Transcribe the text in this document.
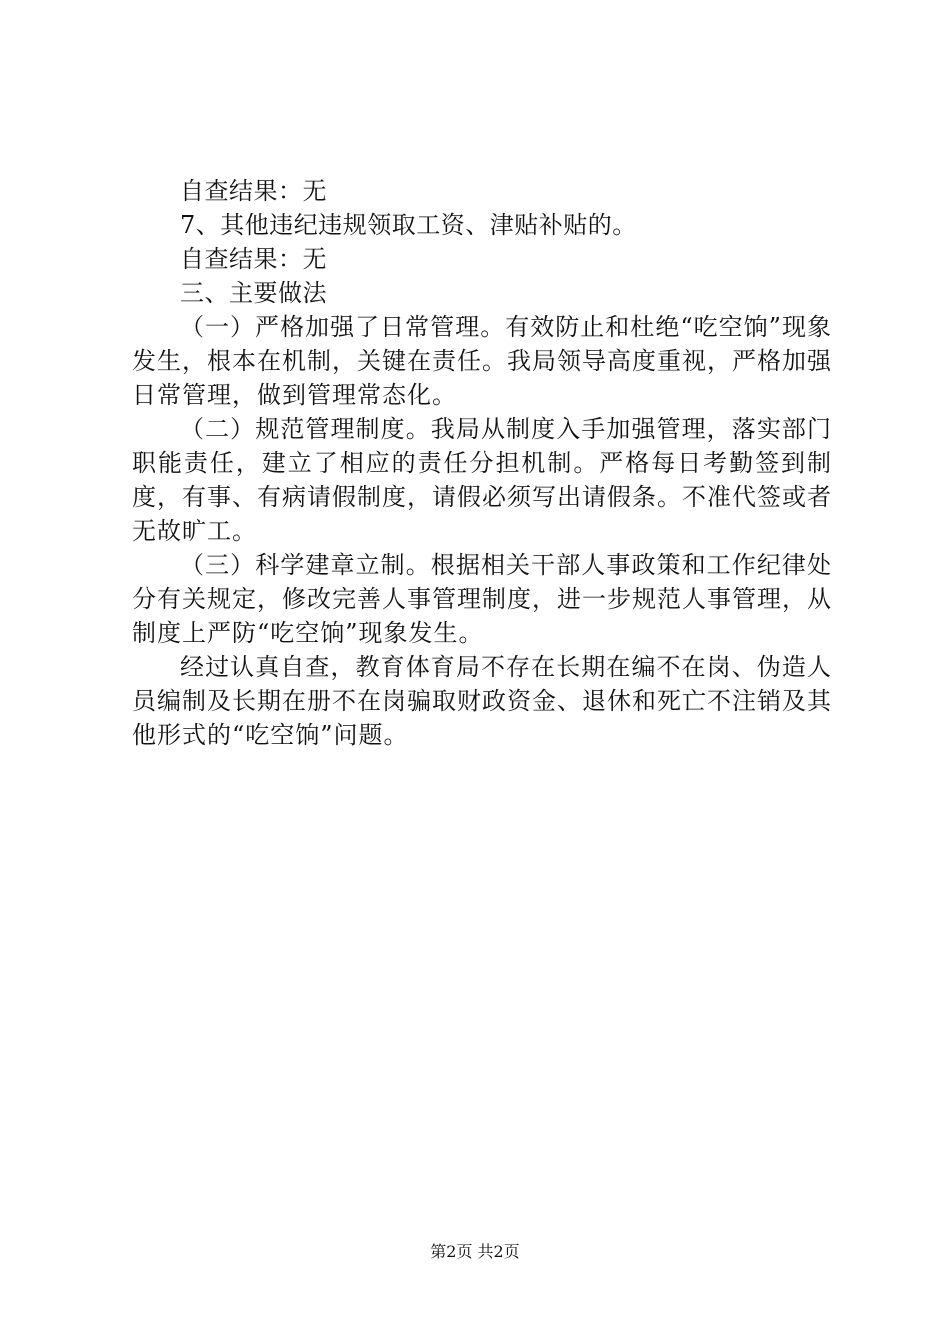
自查结果：无
7、其他违纪违规领取工资、津贴补贴的。
自查结果：无
三、主要做法

（一）严格加强了日常管理。有效防止和杜绝“吃空饷”现象发生，根本在机制，关键在责任。我局领导高度重视，严格加强日常管理，做到管理常态化。

（二）规范管理制度。我局从制度入手加强管理，落实部门职能责任，建立了相应的责任分担机制。严格每日考勤签到制度，有事、有病请假制度，请假必须写出请假条。不准代签或者无故旷工。

（三）科学建章立制。根据相关干部人事政策和工作纪律处分有关规定，修改完善人事管理制度，进一步规范人事管理，从制度上严防“吃空饷”现象发生。

经过认真自查，教育体育局不存在长期在编不在岗、伪造人员编制及长期在册不在岗骗取财政资金、退休和死亡不注销及其他形式的“吃空饷”问题。

第2页 共2页
